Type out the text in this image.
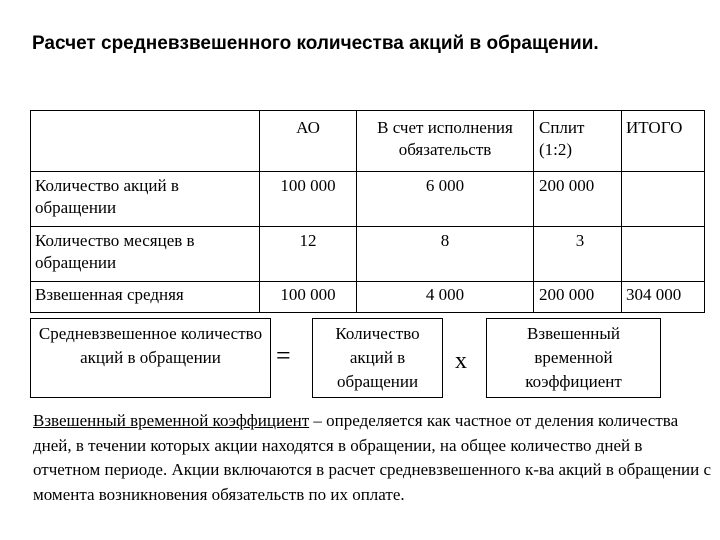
Расчет средневзвешенного количества акций в обращении.
	АО	В счет исполнения обязательств	Сплит (1:2)	ИТОГО
Количество акций в обращении	100 000	6 000	200 000	
Количество месяцев в обращении	12	8	3	
Взвешенная средняя	100 000	4 000	200 000	304 000
Средневзвешенное количество акций в обращении	=
Количество акций в обращении
x
Взвешенный временной коэффициент
Взвешенный временной коэффициент – определяется как частное от деления количества дней, в течении которых акции находятся в обращении, на общее количество дней в отчетном периоде. Акции включаются в расчет средневзвешенного к-ва акций в обращении с момента возникновения обязательств по их оплате.
